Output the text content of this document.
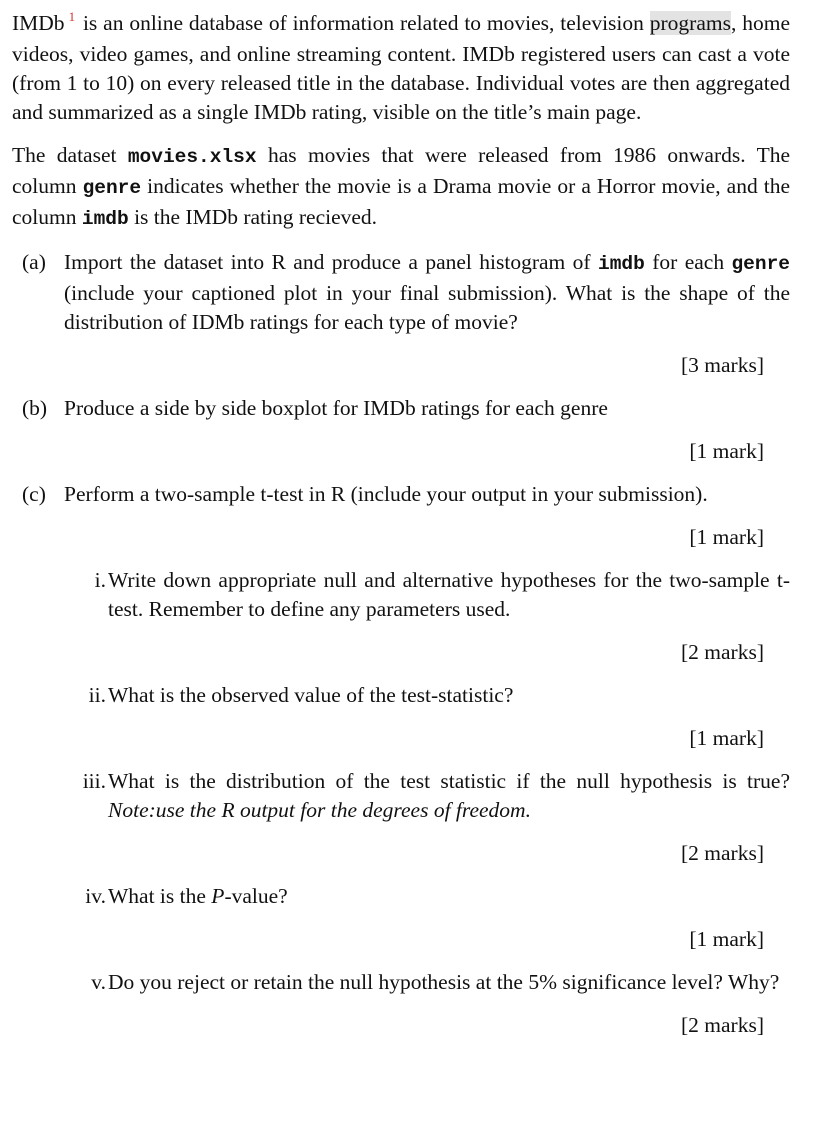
IMDb $^1$ is an online database of information related to movies, television programs, home videos, video games, and online streaming content. IMDb registered users can cast a vote (from 1 to 10) on every released title in the database. Individual votes are then aggregated and summarized as a single IMDb rating, visible on the title’s main page.

The dataset movies.xlsx has movies that were released from 1986 onwards. The column genre indicates whether the movie is a Drama movie or a Horror movie, and the column imdb is the IMDb rating recieved.

(a) Import the dataset into R and produce a panel histogram of imdb for each genre (include your captioned plot in your final submission). What is the shape of the distribution of IDMb ratings for each type of movie?

[3 marks]
(b) Produce a side by side boxplot for IMDb ratings for each genre

[1 mark]
(c) Perform a two-sample t-test in R (include your output in your submission).

[1 mark]
i. Write down appropriate null and alternative hypotheses for the two-sample t-test. Remember to define any parameters used.

[2 marks]
ii. What is the observed value of the test-statistic?

[1 mark]
iii. What is the distribution of the test statistic if the null hypothesis is true? Note:use the R output for the degrees of freedom.

[2 marks]
iv. What is the P-value?

[1 mark]
v. Do you reject or retain the null hypothesis at the 5% significance level? Why?

[2 marks]
